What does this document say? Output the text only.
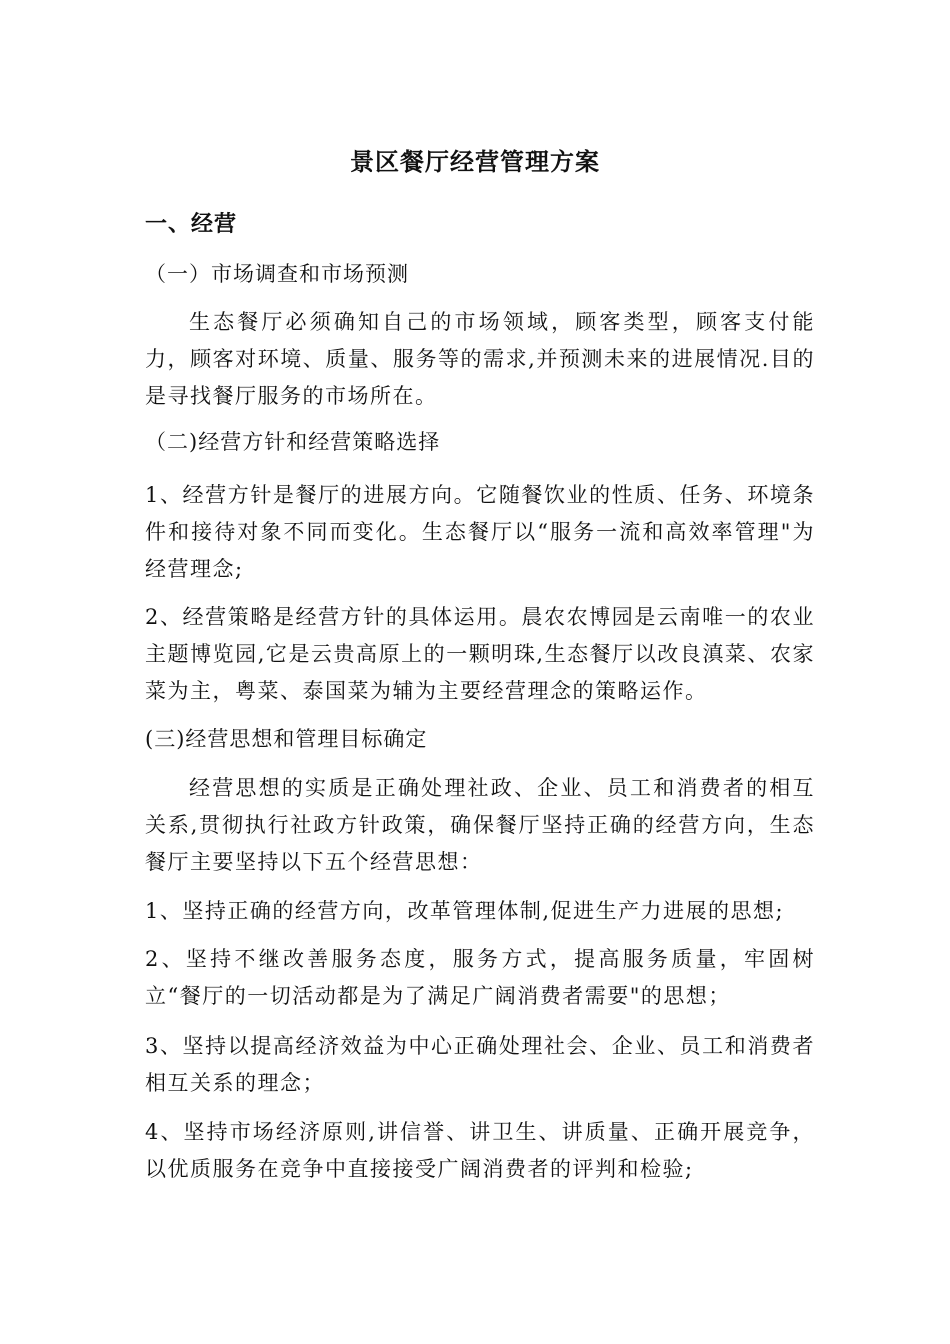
景区餐厅经营管理方案
一、经营
（一）市场调查和市场预测
生态餐厅必须确知自己的市场领域，顾客类型，顾客支付能力，顾客对环境、质量、服务等的需求,并预测未来的进展情况.目的是寻找餐厅服务的市场所在。
（二)经营方针和经营策略选择
1、经营方针是餐厅的进展方向。它随餐饮业的性质、任务、环境条件和接待对象不同而变化。生态餐厅以“服务一流和高效率管理"为经营理念;
2、经营策略是经营方针的具体运用。晨农农博园是云南唯一的农业主题博览园,它是云贵高原上的一颗明珠,生态餐厅以改良滇菜、农家菜为主，粤菜、泰国菜为辅为主要经营理念的策略运作。
(三)经营思想和管理目标确定
经营思想的实质是正确处理社政、企业、员工和消费者的相互关系,贯彻执行社政方针政策，确保餐厅坚持正确的经营方向，生态餐厅主要坚持以下五个经营思想：
1、坚持正确的经营方向，改革管理体制,促进生产力进展的思想;
2、坚持不继改善服务态度，服务方式，提高服务质量，牢固树立“餐厅的一切活动都是为了满足广阔消费者需要"的思想；
3、坚持以提高经济效益为中心正确处理社会、企业、员工和消费者相互关系的理念；
4、坚持市场经济原则,讲信誉、讲卫生、讲质量、正确开展竞争，以优质服务在竞争中直接接受广阔消费者的评判和检验;
